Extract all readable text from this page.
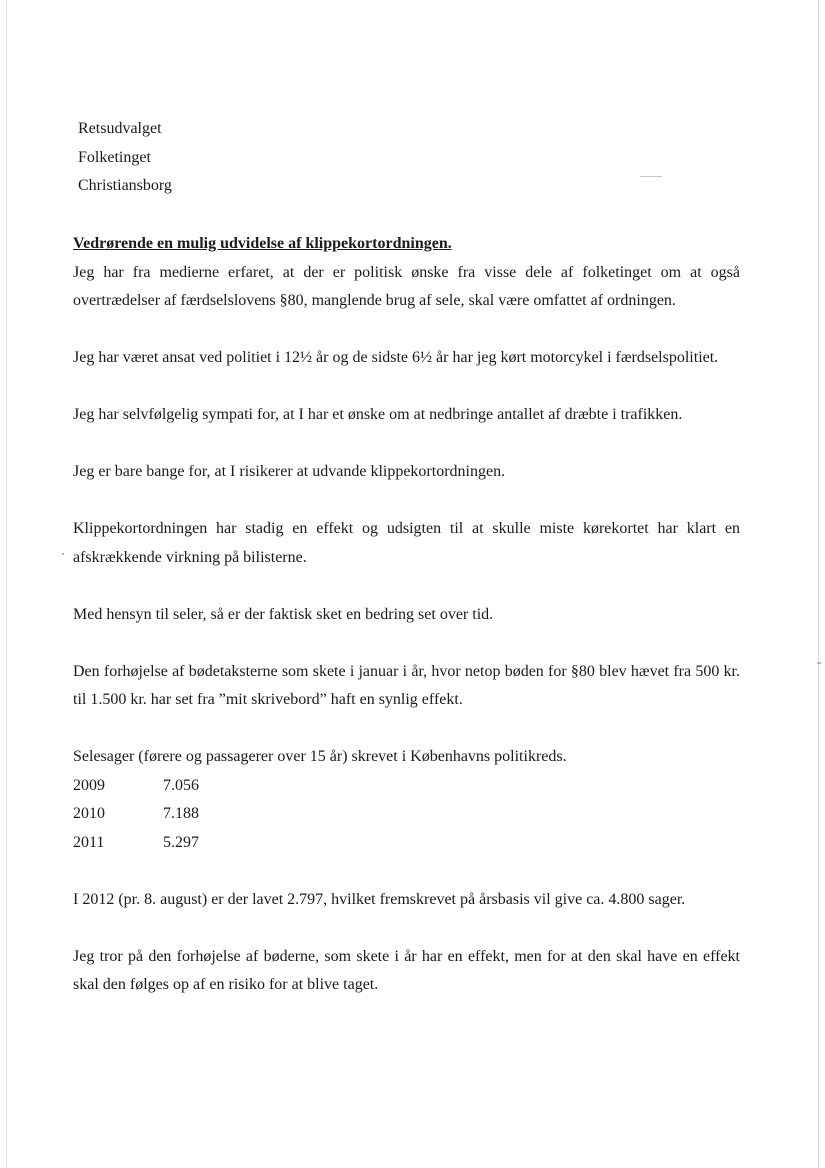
Retsudvalget
Folketinget
Christiansborg

Vedrørende en mulig udvidelse af klippekortordningen.

Jeg har fra medierne erfaret, at der er politisk ønske fra visse dele af folketinget om at også overtrædelser af færdselslovens §80, manglende brug af sele, skal være omfattet af ordningen.

Jeg har været ansat ved politiet i 12½ år og de sidste 6½ år har jeg kørt motorcykel i færdselspolitiet.

Jeg har selvfølgelig sympati for, at I har et ønske om at nedbringe antallet af dræbte i trafikken.

Jeg er bare bange for, at I risikerer at udvande klippekortordningen.

Klippekortordningen har stadig en effekt og udsigten til at skulle miste kørekortet har klart en afskrækkende virkning på bilisterne.

Med hensyn til seler, så er der faktisk sket en bedring set over tid.

Den forhøjelse af bødetaksterne som skete i januar i år, hvor netop bøden for §80 blev hævet fra 500 kr. til 1.500 kr. har set fra ”mit skrivebord” haft en synlig effekt.

Selesager (førere og passagerer over 15 år) skrevet i Københavns politikreds.

2009	7.056
2010	7.188
2011	5.297

I 2012 (pr. 8. august) er der lavet 2.797, hvilket fremskrevet på årsbasis vil give ca. 4.800 sager.

Jeg tror på den forhøjelse af bøderne, som skete i år har en effekt, men for at den skal have en effekt skal den følges op af en risiko for at blive taget.
